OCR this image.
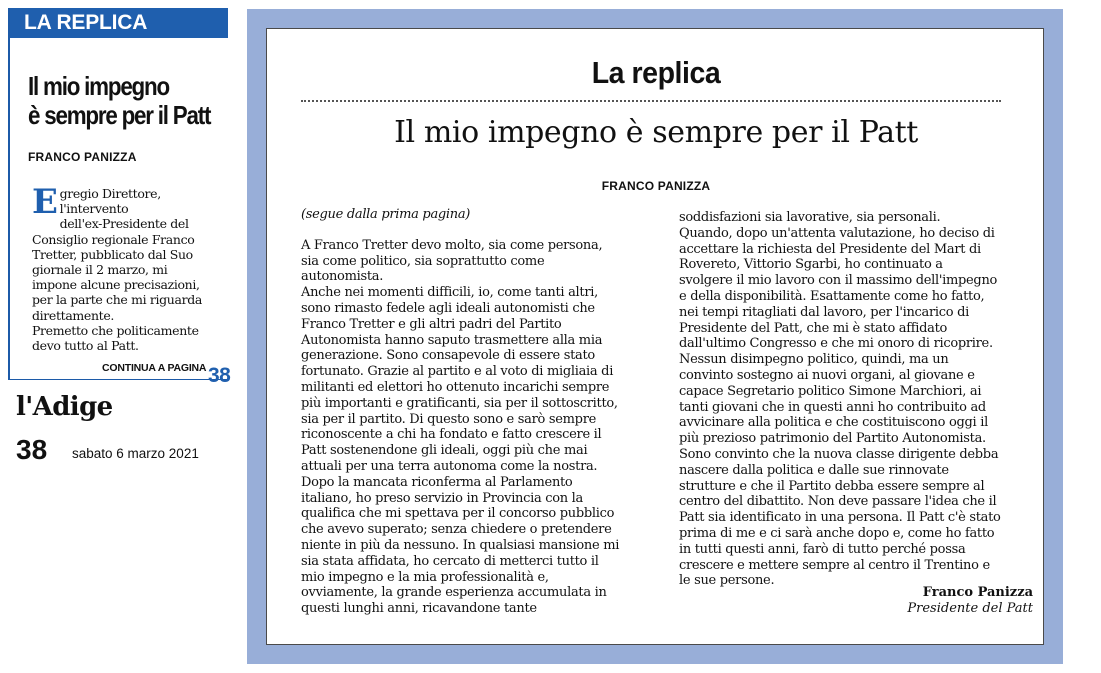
LA REPLICA
Il mio impegno
è sempre per il Patt
FRANCO PANIZZA
E gregio Direttore,
l'intervento
dell'ex-Presidente del
Consiglio regionale Franco
Tretter, pubblicato dal Suo
giornale il 2 marzo, mi
impone alcune precisazioni,
per la parte che mi riguarda
direttamente.
Premetto che politicamente
devo tutto al Patt.
CONTINUA A PAGINA 38
l'Adige
38 sabato 6 marzo 2021
La replica
Il mio impegno è sempre per il Patt
FRANCO PANIZZA

(segue dalla prima pagina)

A Franco Tretter devo molto, sia come persona,
sia come politico, sia soprattutto come
autonomista.
Anche nei momenti difficili, io, come tanti altri,
sono rimasto fedele agli ideali autonomisti che
Franco Tretter e gli altri padri del Partito
Autonomista hanno saputo trasmettere alla mia
generazione. Sono consapevole di essere stato
fortunato. Grazie al partito e al voto di migliaia di
militanti ed elettori ho ottenuto incarichi sempre
più importanti e gratificanti, sia per il sottoscritto,
sia per il partito. Di questo sono e sarò sempre
riconoscente a chi ha fondato e fatto crescere il
Patt sostenendone gli ideali, oggi più che mai
attuali per una terra autonoma come la nostra.
Dopo la mancata riconferma al Parlamento
italiano, ho preso servizio in Provincia con la
qualifica che mi spettava per il concorso pubblico
che avevo superato; senza chiedere o pretendere
niente in più da nessuno. In qualsiasi mansione mi
sia stata affidata, ho cercato di metterci tutto il
mio impegno e la mia professionalità e,
ovviamente, la grande esperienza accumulata in
questi lunghi anni, ricavandone tante
soddisfazioni sia lavorative, sia personali.
Quando, dopo un'attenta valutazione, ho deciso di
accettare la richiesta del Presidente del Mart di
Rovereto, Vittorio Sgarbi, ho continuato a
svolgere il mio lavoro con il massimo dell'impegno
e della disponibilità. Esattamente come ho fatto,
nei tempi ritagliati dal lavoro, per l'incarico di
Presidente del Patt, che mi è stato affidato
dall'ultimo Congresso e che mi onoro di ricoprire.
Nessun disimpegno politico, quindi, ma un
convinto sostegno ai nuovi organi, al giovane e
capace Segretario politico Simone Marchiori, ai
tanti giovani che in questi anni ho contribuito ad
avvicinare alla politica e che costituiscono oggi il
più prezioso patrimonio del Partito Autonomista.
Sono convinto che la nuova classe dirigente debba
nascere dalla politica e dalle sue rinnovate
strutture e che il Partito debba essere sempre al
centro del dibattito. Non deve passare l'idea che il
Patt sia identificato in una persona. Il Patt c'è stato
prima di me e ci sarà anche dopo e, come ho fatto
in tutti questi anni, farò di tutto perché possa
crescere e mettere sempre al centro il Trentino e
le sue persone.
Franco Panizza
Presidente del Patt
